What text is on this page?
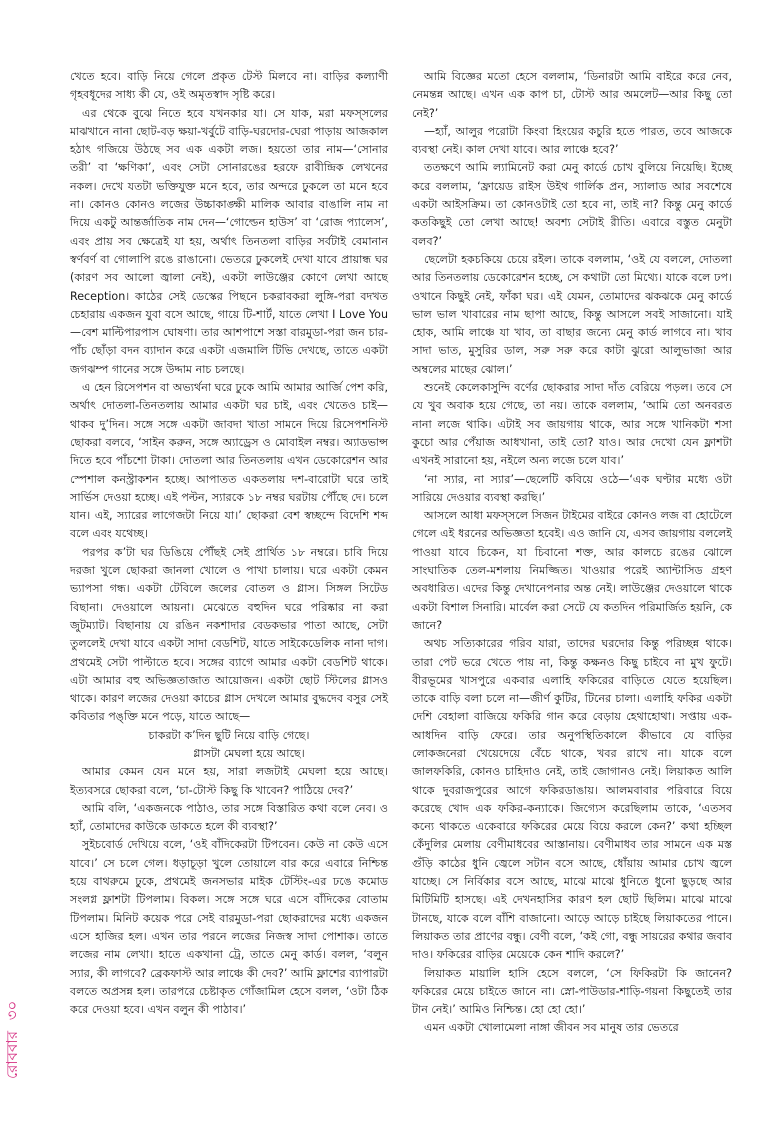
খেতে হবে। বাড়ি নিয়ে গেলে প্রকৃত টেস্ট মিলবে না। বাড়ির কল্যাণী গৃহবধূদের সাধ্য কী যে, ওই অমৃতস্বাদ সৃষ্টি করে।

এর থেকে বুঝে নিতে হবে যখনকার যা। সে যাক, মরা মফস্সলের মাঝখানে নানা ছোট-বড় ক্ষয়া-খর্বুটে বাড়ি-ঘরদোর-ঘেরা পাড়ায় আজকাল হঠাৎ গজিয়ে উঠছে সব এক একটা লজ। হয়তো তার নাম—‘সোনার তরী’ বা ‘ক্ষণিকা’, এবং সেটা সোনারঙের হরফে রাবীন্দ্রিক লেখনের নকল। দেখে যতটা ভক্তিযুক্ত মনে হবে, তার অন্দরে ঢুকলে তা মনে হবে না। কোনও কোনও লজের উচ্চাকাঙ্ক্ষী মালিক আবার বাঙালি নাম না দিয়ে একটু আন্তর্জাতিক নাম দেন—‘গোল্ডেন হাউস’ বা ‘রোজ প্যালেস’, এবং প্রায় সব ক্ষেত্রেই যা হয়, অর্থাৎ তিনতলা বাড়ির সর্বটাই বেমানান স্বর্ণবর্ণ বা গোলাপি রঙে রাঙানো। ভেতরে ঢুকলেই দেখা যাবে প্রায়ান্ধ ঘর (কারণ সব আলো জ্বালা নেই), একটা লাউঞ্জের কোণে লেখা আছে Reception। কাঠের সেই ডেস্কের পিছনে চকরাবকরা লুঙ্গি-পরা বদখত চেহারায় একজন যুবা বসে আছে, গায়ে টি-শার্ট, যাতে লেখা I Love You—বেশ মাল্টিপারপাস ঘোষণা। তার আশপাশে সস্তা বারমুডা-পরা জন চার-পাঁচ ছোঁড়া বদন ব্যাদান করে একটা এজমালি টিভি দেখছে, তাতে একটা জগঝম্প গানের সঙ্গে উদ্দাম নাচ চলছে।

এ হেন রিসেপশন বা অভ্যর্থনা ঘরে ঢুকে আমি আমার আর্জি পেশ করি, অর্থাৎ দোতলা-তিনতলায় আমার একটা ঘর চাই, এবং খেতেও চাই—থাকব দু’দিন। সঙ্গে সঙ্গে একটা জাবদা খাতা সামনে দিয়ে রিসেপশনিস্ট ছোকরা বলবে, ‘সাইন করুন, সঙ্গে অ্যাড্রেস ও মোবাইল নম্বর। অ্যাডভান্স দিতে হবে পাঁচশো টাকা। দোতলা আর তিনতলায় এখন ডেকোরেশন আর স্পেশাল কনস্ট্রাকশন হচ্ছে। আপাতত একতলায় দশ-বারোটা ঘরে তাই সার্ভিস দেওয়া হচ্ছে। এই পল্টন, স্যারকে ১৮ নম্বর ঘরটায় পৌঁছে দে। চলে যান। এই, স্যারের লাগেজটা নিয়ে যা।’ ছোকরা বেশ স্বচ্ছন্দে বিদেশি শব্দ বলে এবং যথেচ্ছ।

পরপর ক’টা ঘর ডিঙিয়ে পৌঁছই সেই প্রার্থিত ১৮ নম্বরে। চাবি দিয়ে দরজা খুলে ছোকরা জানলা খোলে ও পাখা চালায়। ঘরে একটা কেমন ভ্যাপসা গন্ধ। একটা টেবিলে জলের বোতল ও গ্লাস। সিঙ্গল সিটেড বিছানা। দেওয়ালে আয়না। মেঝেতে বহুদিন ঘরে পরিষ্কার না করা জুটম্যাট। বিছানায় যে রঙিন নকশাদার বেডকভার পাতা আছে, সেটা তুললেই দেখা যাবে একটা সাদা বেডশিট, যাতে সাইকেডেলিক নানা দাগ। প্রথমেই সেটা পাল্টাতে হবে। সঙ্গের ব্যাগে আমার একটা বেডশিট থাকে। এটা আমার বহু অভিজ্ঞতাজাত আয়োজন। একটা ছোট স্টিলের গ্লাসও থাকে। কারণ লজের দেওয়া কাচের গ্লাস দেখলে আমার বুদ্ধদেব বসুর সেই কবিতার পঙ্‌ক্তি মনে পড়ে, যাতে আছে—

চাকরটা ক’দিন ছুটি নিয়ে বাড়ি গেছে।

গ্লাসটা মেঘলা হয়ে আছে।

আমার কেমন যেন মনে হয়, সারা লজটাই মেঘলা হয়ে আছে। ইত্যবসরে ছোকরা বলে, ‘চা-টোস্ট কিছু কি খাবেন? পাঠিয়ে দেব?’

আমি বলি, ‘একজনকে পাঠাও, তার সঙ্গে বিস্তারিত কথা বলে নেব। ও হ্যাঁ, তোমাদের কাউকে ডাকতে হলে কী ব্যবস্থা?’

সুইচবোর্ড দেখিয়ে বলে, ‘ওই বাঁদিকেরটা টিপবেন। কেউ না কেউ এসে যাবে।’ সে চলে গেল। ধড়াচূড়া খুলে তোয়ালে বার করে এবারে নিশ্চিন্ত হয়ে বাথরুমে ঢুকে, প্রথমেই জনসভার মাইক টেস্টিং-এর ঢঙে কমোড সংলগ্ন ফ্লাশটা টিপলাম। বিকল। সঙ্গে সঙ্গে ঘরে এসে বাঁদিকের বোতাম টিপলাম। মিনিট কয়েক পরে সেই বারমুডা-পরা ছোকরাদের মধ্যে একজন এসে হাজির হল। এখন তার পরনে লজের নিজস্ব সাদা পোশাক। তাতে লজের নাম লেখা। হাতে একখানা ট্রে, তাতে মেনু কার্ড। বলল, ‘বলুন স্যার, কী লাগবে? ব্রেকফাস্ট আর লাঞ্চে কী দেব?’ আমি ফ্লাশের ব্যাপারটা বলতে অপ্রসন্ন হল। তারপরে চেষ্টাকৃত গোঁজামিল হেসে বলল, ‘ওটা ঠিক করে দেওয়া হবে। এখন বলুন কী পাঠাব।’

আমি বিজ্ঞের মতো হেসে বললাম, ‘ডিনারটা আমি বাইরে করে নেব, নেমন্তন্ন আছে। এখন এক কাপ চা, টোস্ট আর অমলেট—আর কিছু তো নেই?’

—হ্যাঁ, আলুর পরোটা কিংবা হিংয়ের কচুরি হতে পারত, তবে আজকে ব্যবস্থা নেই। কাল দেখা যাবে। আর লাঞ্চে হবে?’

ততক্ষণে আমি ল্যামিনেট করা মেনু কার্ডে চোখ বুলিয়ে নিয়েছি। ইচ্ছে করে বললাম, ‘ফ্রায়েড রাইস উইথ গার্লিক প্রন, স্যালাড আর সবশেষে একটা আইসক্রিম। তা কোনওটাই তো হবে না, তাই না? কিন্তু মেনু কার্ডে কতকিছুই তো লেখা আছে! অবশ্য সেটাই রীতি। এবারে বস্তুত মেনুটা বলব?’

ছেলেটা হকচকিয়ে চেয়ে রইল। তাকে বললাম, ‘ওই যে বললে, দোতলা আর তিনতলায় ডেকোরেশন হচ্ছে, সে কথাটা তো মিথ্যে। যাকে বলে ঢপ। ওখানে কিছুই নেই, ফাঁকা ঘর। এই যেমন, তোমাদের ঝকঝকে মেনু কার্ডে ভাল ভাল খাবারের নাম ছাপা আছে, কিন্তু আসলে সবই সাজানো। যাই হোক, আমি লাঞ্চে যা খাব, তা বাছার জন্যে মেনু কার্ড লাগবে না। খাব সাদা ভাত, মুসুরির ডাল, সরু সরু করে কাটা ঝুরো আলুভাজা আর অম্বলের মাছের ঝোল।’

শুনেই কেলেকাসুন্দি বর্ণের ছোকরার সাদা দাঁত বেরিয়ে পড়ল। তবে সে যে খুব অবাক হয়ে গেছে, তা নয়। তাকে বললাম, ‘আমি তো অনবরত নানা লজে থাকি। এটাই সব জায়গায় থাকে, আর সঙ্গে খানিকটা শসা কুচো আর পেঁয়াজ আধখানা, তাই তো? যাও। আর দেখো যেন ফ্লাশটা এখনই সারানো হয়, নইলে অন্য লজে চলে যাব।’

‘না স্যার, না স্যার’—ছেলেটি কবিয়ে ওঠে—‘এক ঘণ্টার মধ্যে ওটা সারিয়ে দেওয়ার ব্যবস্থা করছি।’

আসলে আধা মফস্সলে সিজন টাইমের বাইরে কোনও লজ বা হোটেলে গেলে এই ধরনের অভিজ্ঞতা হবেই। এও জানি যে, এসব জায়গায় বললেই পাওয়া যাবে চিকেন, যা চিবানো শক্ত, আর কালচে রঙের ঝোলে সাংঘাতিক তেল-মশলায় নিমজ্জিত। খাওয়ার পরেই অ্যান্টাসিড গ্রহণ অবধারিত। এদের কিন্তু দেখানেপনার অন্ত নেই। লাউঞ্জের দেওয়ালে থাকে একটা বিশাল সিনারি। মার্বেল করা সেটে যে কতদিন পরিমার্জিত হয়নি, কে জানে?

অথচ সত্যিকারের গরিব যারা, তাদের ঘরদোর কিন্তু পরিচ্ছন্ন থাকে। তারা পেট ভরে খেতে পায় না, কিন্তু কক্ষনও কিছু চাইবে না মুখ ফুটে। বীরভূমের খাসপুরে একবার এলাহি ফকিরের বাড়িতে যেতে হয়েছিল। তাকে বাড়ি বলা চলে না—জীর্ণ কুটির, টিনের চালা। এলাহি ফকির একটা দেশি বেহালা বাজিয়ে ফকিরি গান করে বেড়ায় হেথাহোথা। সপ্তায় এক-আধদিন বাড়ি ফেরে। তার অনুপস্থিতিকালে কীভাবে যে বাড়ির লোকজনেরা খেয়েদেয়ে বেঁচে থাকে, খবর রাখে না। যাকে বলে জালফকিরি, কোনও চাহিদাও নেই, তাই জোগানও নেই। লিয়াকত আলি থাকে দুবরাজপুরের আগে ফকিরডাঙায়। আলমবাবার পরিবারে বিয়ে করেছে খোদ এক ফকির-কন্যাকে। জিগ্যেস করেছিলাম তাকে, ‘এতসব কন্যে থাকতে একেবারে ফকিরের মেয়ে বিয়ে করলে কেন?’ কথা হচ্ছিল কেঁদুলির মেলায় বেণীমাধবের আস্তানায়। বেণীমাধব তার সামনে এক মস্ত গুঁড়ি কাঠের ধুনি জ্বেলে সটান বসে আছে, ধোঁয়ায় আমার চোখ জ্বলে যাচ্ছে। সে নির্বিকার বসে আছে, মাঝে মাঝে ধুনিতে ধুনো ছুড়ছে আর মিটিমিটি হাসছে। এই দেখনহাসির কারণ হল ছোট ছিলিম। মাঝে মাঝে টানছে, যাকে বলে বাঁশি বাজানো। আড়ে আড়ে চাইছে লিয়াকতের পানে। লিয়াকত তার প্রাণের বন্ধু। বেণী বলে, ‘কই গো, বন্ধু সায়রের কথার জবাব দাও। ফকিরের বাড়ির মেয়েকে কেন শাদি করলে?’

লিয়াকত মায়ালি হাসি হেসে বললে, ‘সে ফিকিরটা কি জানেন? ফকিরের মেয়ে চাইতে জানে না। স্নো-পাউডার-শাড়ি-গয়না কিছুতেই তার টান নেই।’ আমিও নিশ্চিন্ত। হো হো হো।’

এমন একটা খোলামেলা নাঙ্গা জীবন সব মানুষ তার ভেতরে

রোববার ৩০
